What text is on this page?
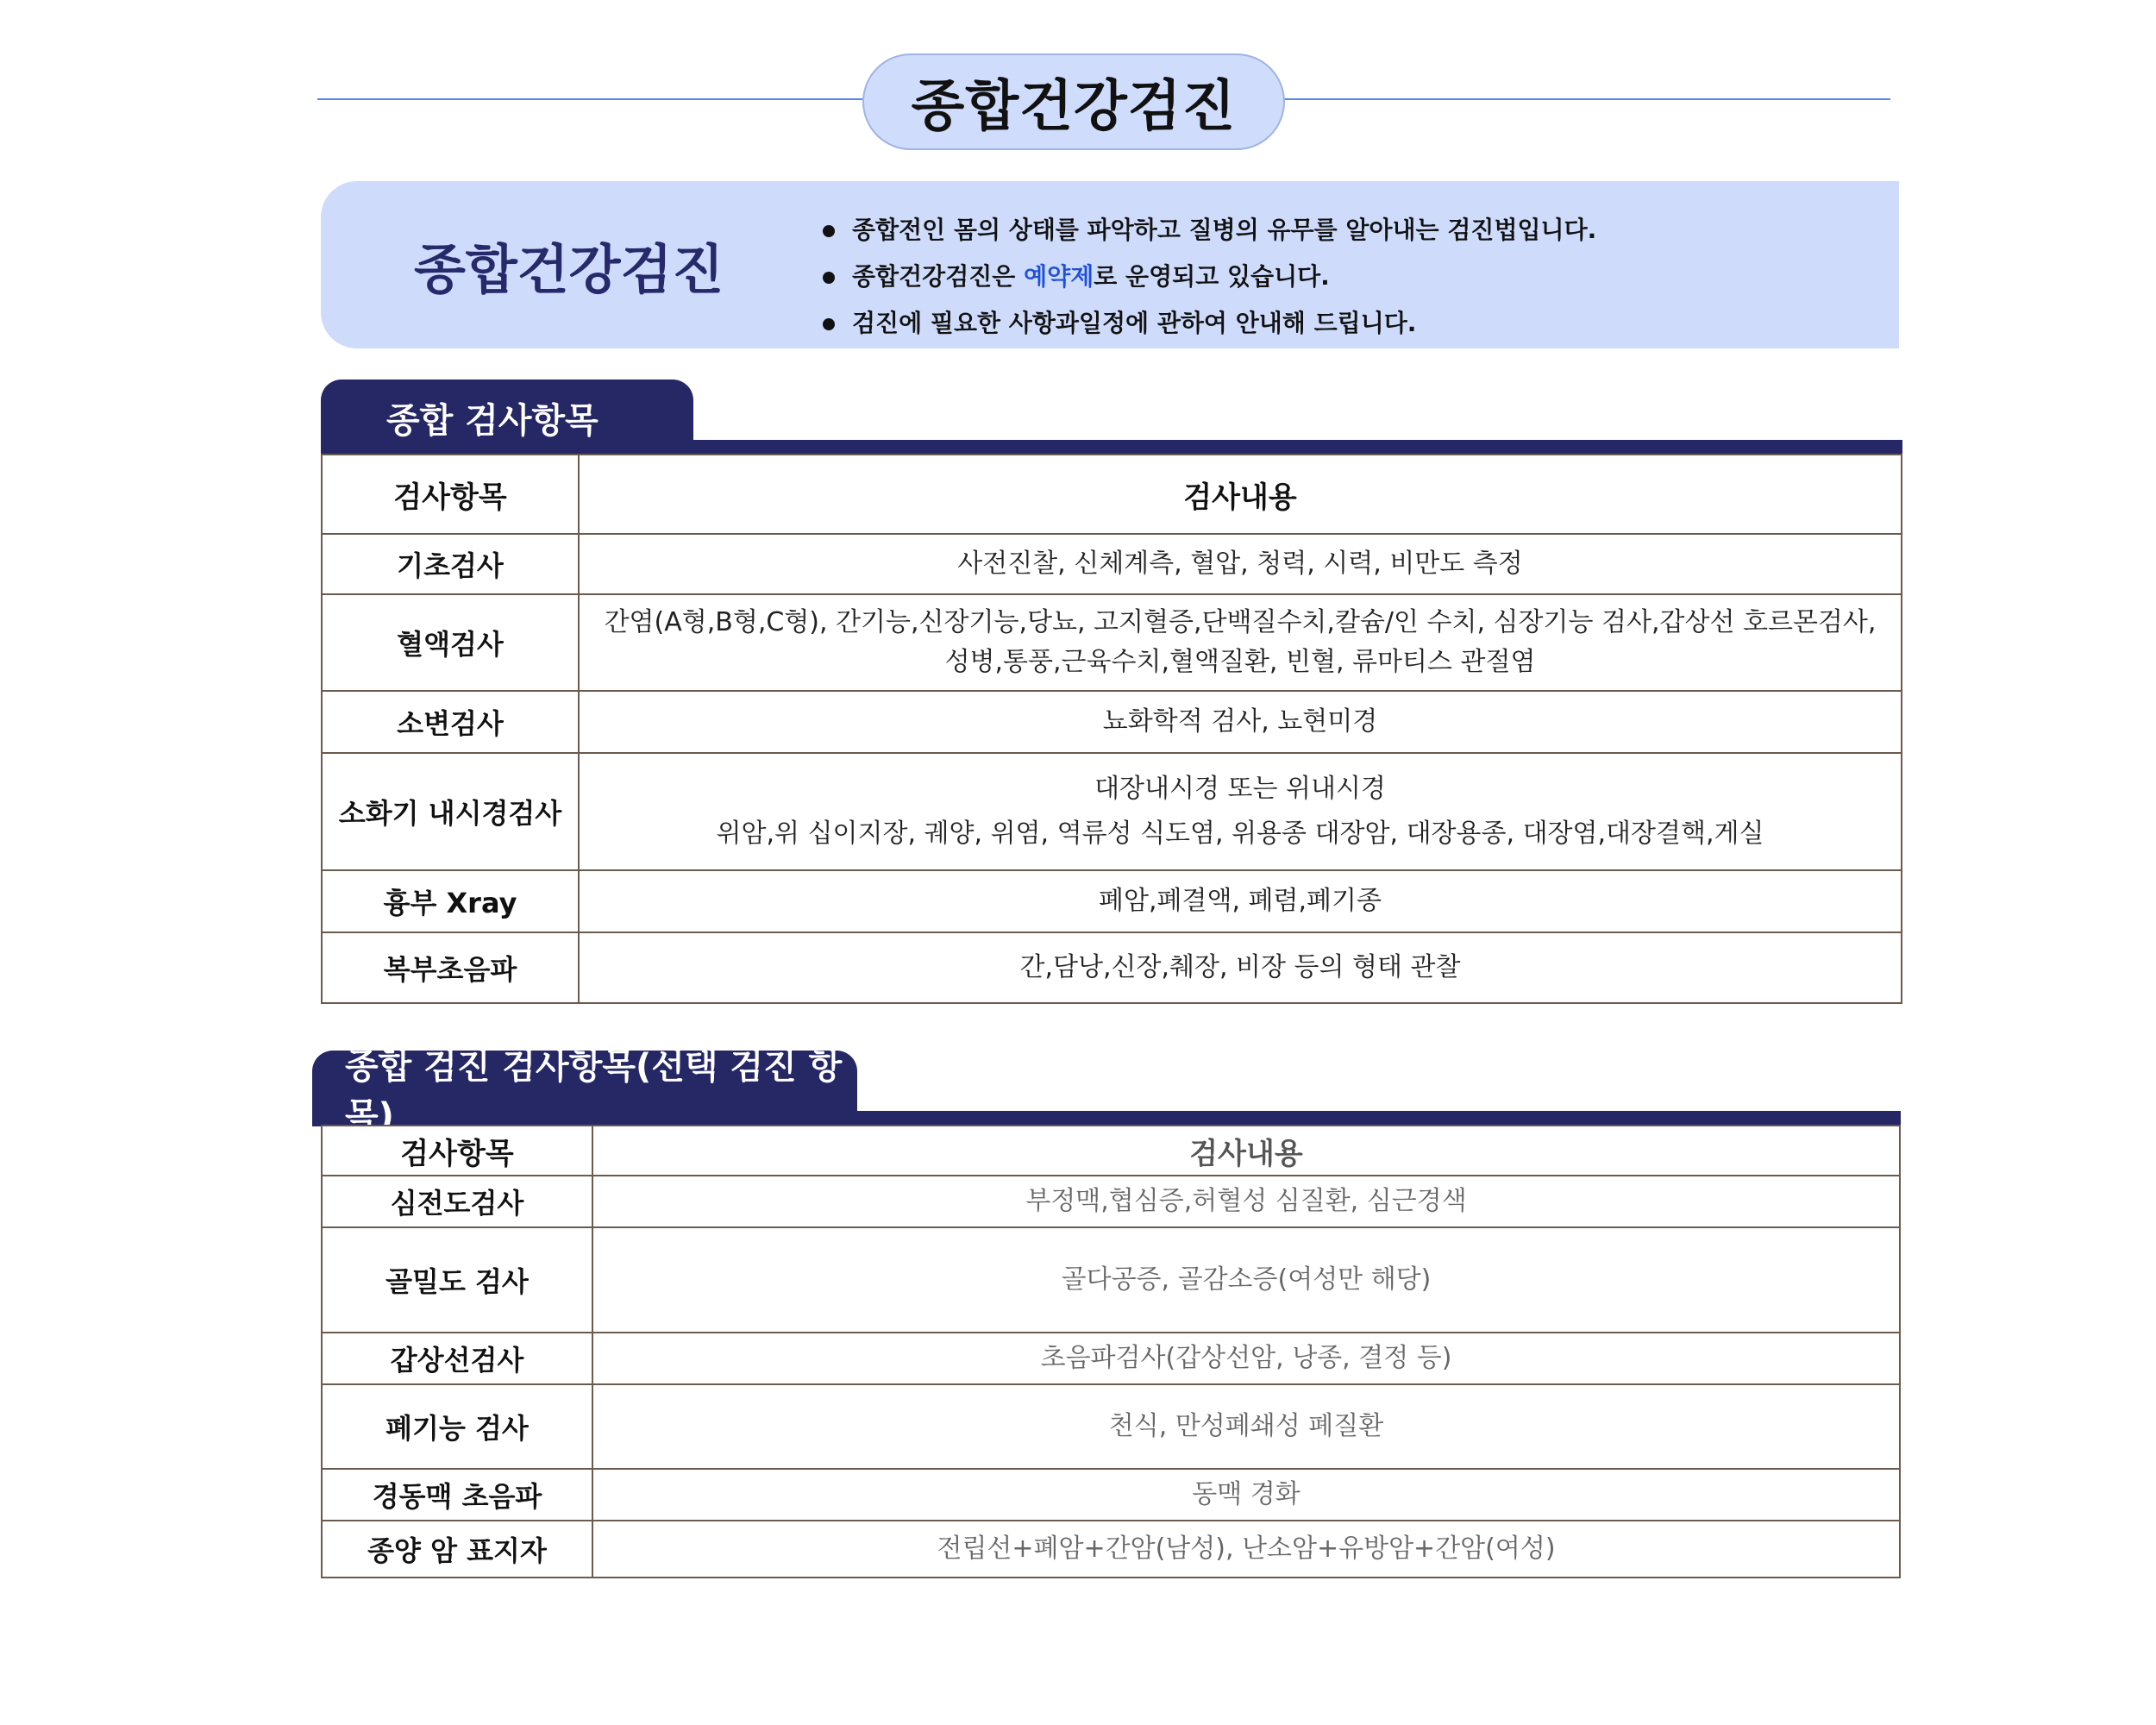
종합건강검진
종합건강검진
종합전인 몸의 상태를 파악하고 질병의 유무를 알아내는 검진법입니다.
종합건강검진은 예약제로 운영되고 있습니다.
검진에 필요한 사항과일정에 관하여 안내해 드립니다.
종합 검사항목
검사항목	검사내용
기초검사	사전진찰, 신체계측, 혈압, 청력, 시력, 비만도 측정

혈액검사	간염(A형,B형,C형), 간기능,신장기능,당뇨, 고지혈증,단백질수치,칼슘/인 수치, 심장기능 검사,갑상선 호르몬검사,
성병,통풍,근육수치,혈액질환, 빈혈, 류마티스 관절염

소변검사	뇨화학적 검사, 뇨현미경

소화기 내시경검사	대장내시경 또는 위내시경
위암,위 십이지장, 궤양, 위염, 역류성 식도염, 위용종 대장암, 대장용종, 대장염,대장결핵,게실

흉부 Xray	폐암,폐결액, 폐렴,폐기종

복부초음파	간,담낭,신장,췌장, 비장 등의 형태 관찰
종합 검진 검사항목(선택 검진 항목)
검사항목	검사내용
심전도검사	부정맥,협심증,허혈성 심질환, 심근경색

골밀도 검사	골다공증, 골감소증(여성만 해당)

갑상선검사	초음파검사(갑상선암, 낭종, 결정 등)

폐기능 검사	천식, 만성폐쇄성 폐질환

경동맥 초음파	동맥 경화

종양 암 표지자	전립선+폐암+간암(남성), 난소암+유방암+간암(여성)
